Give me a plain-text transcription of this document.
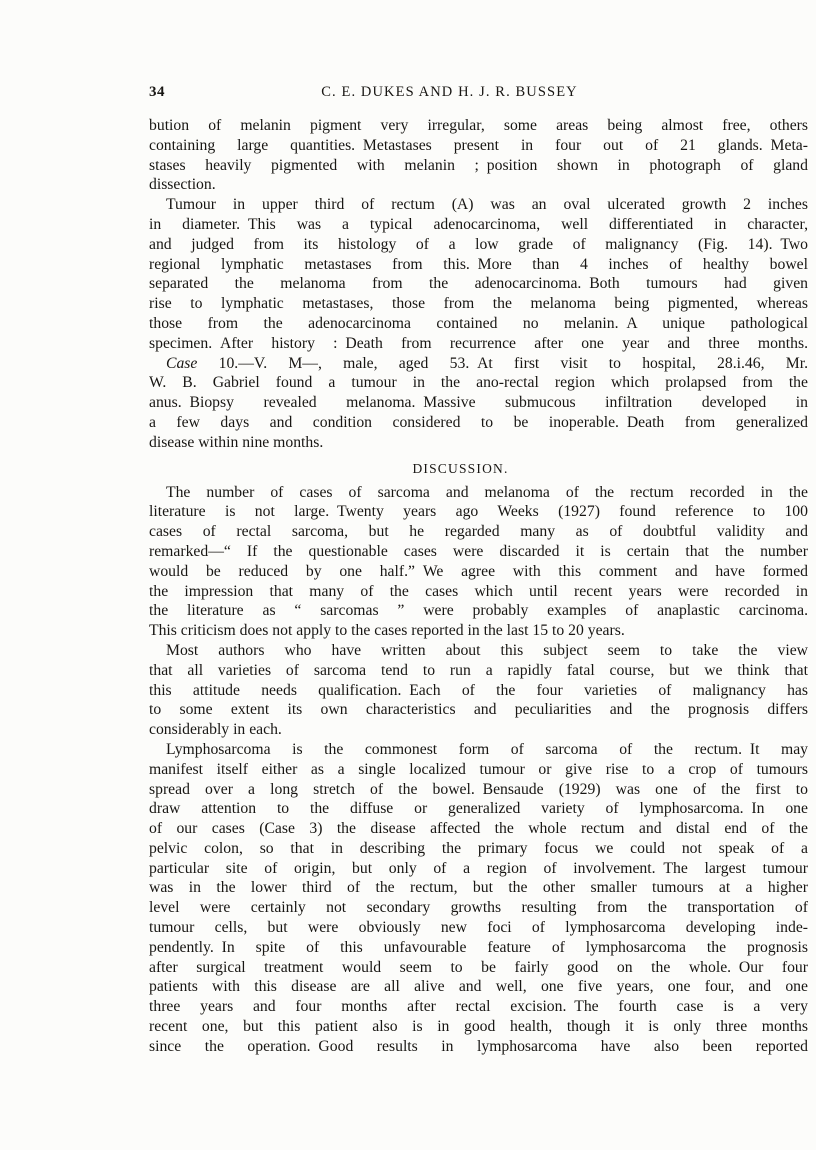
34	C. E. DUKES AND H. J. R. BUSSEY
bution of melanin pigment very irregular, some areas being almost free, others
containing large quantities. Metastases present in four out of 21 glands. Meta-
stases heavily pigmented with melanin ; position shown in photograph of gland
dissection.
Tumour in upper third of rectum (A) was an oval ulcerated growth 2 inches
in diameter. This was a typical adenocarcinoma, well differentiated in character,
and judged from its histology of a low grade of malignancy (Fig. 14). Two
regional lymphatic metastases from this. More than 4 inches of healthy bowel
separated the melanoma from the adenocarcinoma. Both tumours had given
rise to lymphatic metastases, those from the melanoma being pigmented, whereas
those from the adenocarcinoma contained no melanin. A unique pathological
specimen. After history : Death from recurrence after one year and three months.
Case 10.—V. M—, male, aged 53. At first visit to hospital, 28.i.46, Mr.
W. B. Gabriel found a tumour in the ano-rectal region which prolapsed from the
anus. Biopsy revealed melanoma. Massive submucous infiltration developed in
a few days and condition considered to be inoperable. Death from generalized
disease within nine months.
DISCUSSION.
The number of cases of sarcoma and melanoma of the rectum recorded in the
literature is not large. Twenty years ago Weeks (1927) found reference to 100
cases of rectal sarcoma, but he regarded many as of doubtful validity and
remarked—“ If the questionable cases were discarded it is certain that the number
would be reduced by one half.” We agree with this comment and have formed
the impression that many of the cases which until recent years were recorded in
the literature as “ sarcomas ” were probably examples of anaplastic carcinoma.
This criticism does not apply to the cases reported in the last 15 to 20 years.
Most authors who have written about this subject seem to take the view
that all varieties of sarcoma tend to run a rapidly fatal course, but we think that
this attitude needs qualification. Each of the four varieties of malignancy has
to some extent its own characteristics and peculiarities and the prognosis differs
considerably in each.
Lymphosarcoma is the commonest form of sarcoma of the rectum. It may
manifest itself either as a single localized tumour or give rise to a crop of tumours
spread over a long stretch of the bowel. Bensaude (1929) was one of the first to
draw attention to the diffuse or generalized variety of lymphosarcoma. In one
of our cases (Case 3) the disease affected the whole rectum and distal end of the
pelvic colon, so that in describing the primary focus we could not speak of a
particular site of origin, but only of a region of involvement. The largest tumour
was in the lower third of the rectum, but the other smaller tumours at a higher
level were certainly not secondary growths resulting from the transportation of
tumour cells, but were obviously new foci of lymphosarcoma developing inde-
pendently. In spite of this unfavourable feature of lymphosarcoma the prognosis
after surgical treatment would seem to be fairly good on the whole. Our four
patients with this disease are all alive and well, one five years, one four, and one
three years and four months after rectal excision. The fourth case is a very
recent one, but this patient also is in good health, though it is only three months
since the operation. Good results in lymphosarcoma have also been reported
